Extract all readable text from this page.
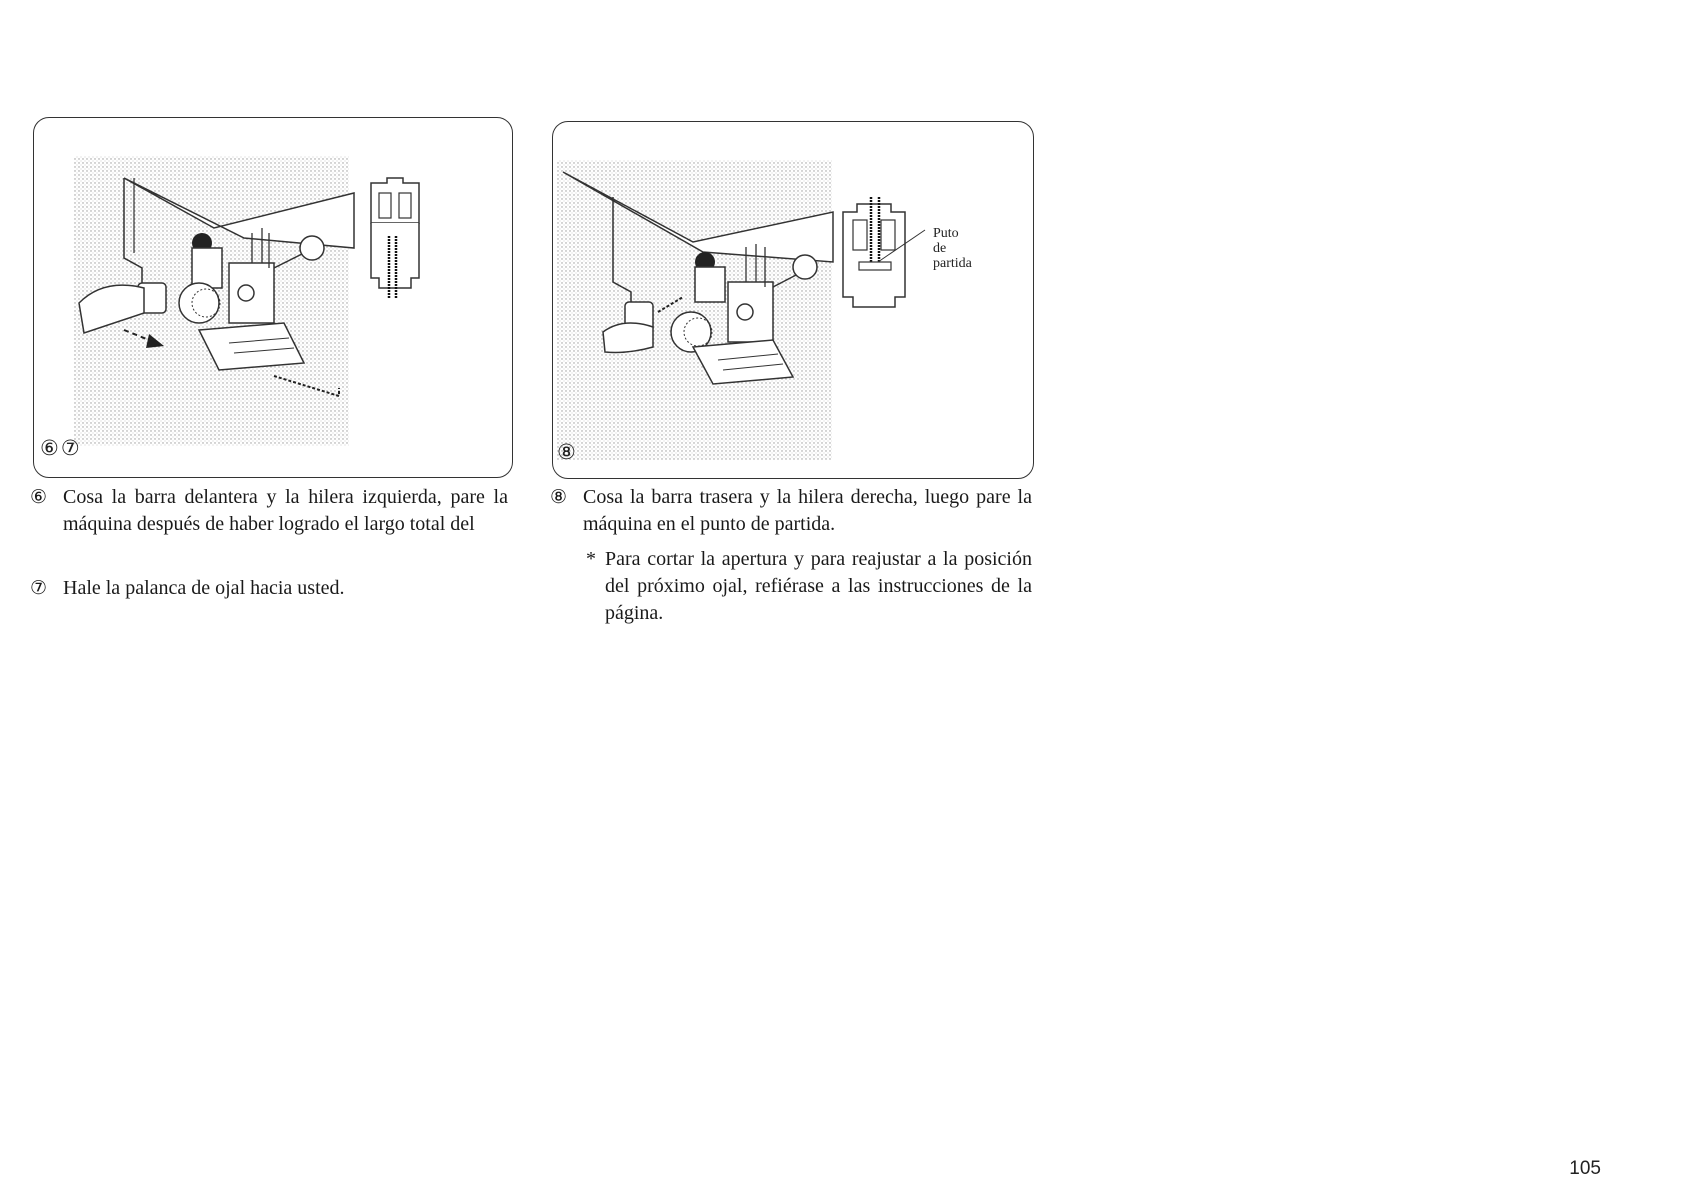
⑥⑦
Puto
de
partida
⑧
⑥ Cosa la barra delantera y la hilera izquierda, pare la máquina después de haber logrado el largo total del
⑦ Hale la palanca de ojal hacia usted.
⑧ Cosa la barra trasera y la hilera derecha, luego pare la máquina en el punto de partida.
* Para cortar la apertura y para reajustar a la posición del próximo ojal, refiérase a las instrucciones de la página.
105
